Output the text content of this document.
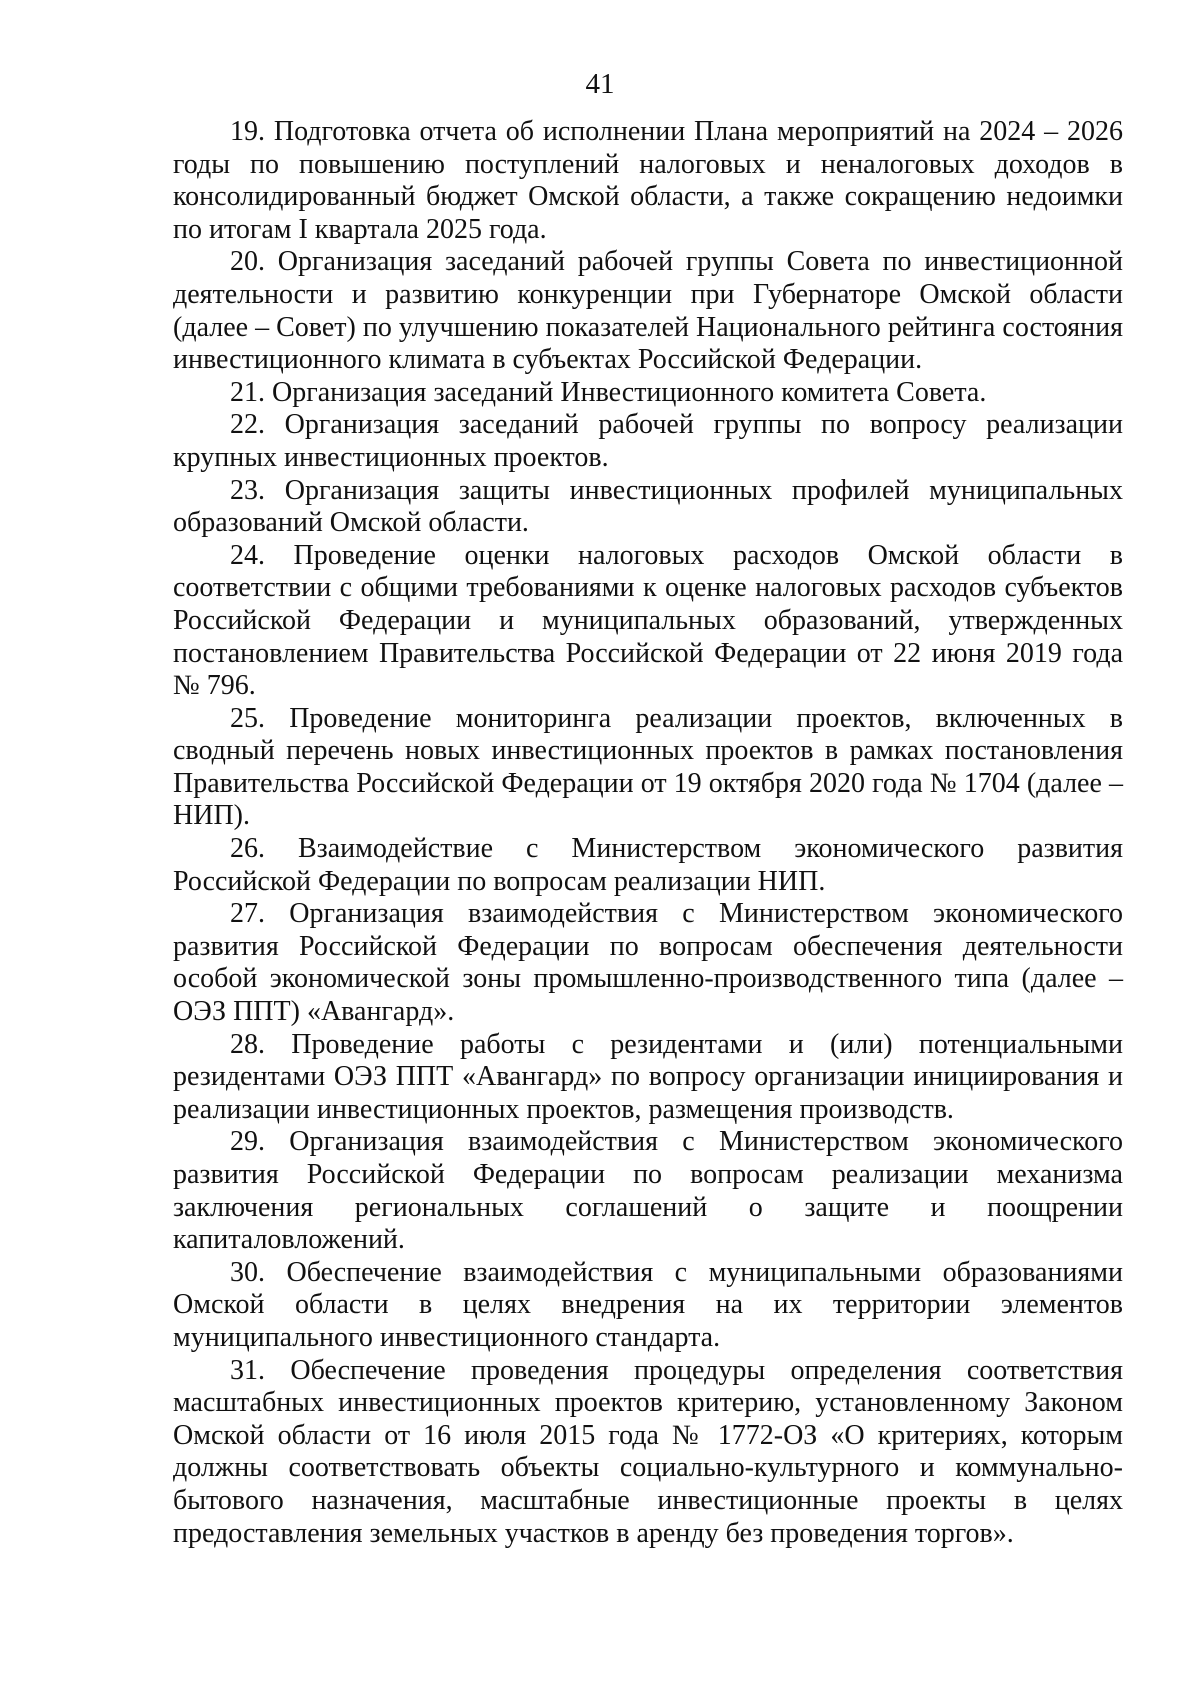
41

19. Подготовка отчета об исполнении Плана мероприятий на 2024 – 2026 годы по повышению поступлений налоговых и неналоговых доходов в консолидированный бюджет Омской области, а также сокращению недоимки по итогам I квартала 2025 года.

20. Организация заседаний рабочей группы Совета по инвестиционной деятельности и развитию конкуренции при Губернаторе Омской области (далее – Совет) по улучшению показателей Национального рейтинга состояния инвестиционного климата в субъектах Российской Федерации.

21. Организация заседаний Инвестиционного комитета Совета.

22. Организация заседаний рабочей группы по вопросу реализации крупных инвестиционных проектов.

23. Организация защиты инвестиционных профилей муниципальных образований Омской области.

24. Проведение оценки налоговых расходов Омской области в соответствии с общими требованиями к оценке налоговых расходов субъектов Российской Федерации и муниципальных образований, утвержденных постановлением Правительства Российской Федерации от 22 июня 2019 года № 796.

25. Проведение мониторинга реализации проектов, включенных в сводный перечень новых инвестиционных проектов в рамках постановления Правительства Российской Федерации от 19 октября 2020 года № 1704 (далее – НИП).

26. Взаимодействие с Министерством экономического развития Российской Федерации по вопросам реализации НИП.

27. Организация взаимодействия с Министерством экономического развития Российской Федерации по вопросам обеспечения деятельности особой экономической зоны промышленно-производственного типа (далее – ОЭЗ ППТ) «Авангард».

28. Проведение работы с резидентами и (или) потенциальными резидентами ОЭЗ ППТ «Авангард» по вопросу организации инициирования и реализации инвестиционных проектов, размещения производств.

29. Организация взаимодействия с Министерством экономического развития Российской Федерации по вопросам реализации механизма заключения региональных соглашений о защите и поощрении капиталовложений.

30. Обеспечение взаимодействия с муниципальными образованиями Омской области в целях внедрения на их территории элементов муниципального инвестиционного стандарта.

31. Обеспечение проведения процедуры определения соответствия масштабных инвестиционных проектов критерию, установленному Законом Омской области от 16 июля 2015 года № 1772-ОЗ «О критериях, которым должны соответствовать объекты социально-культурного и коммунально-бытового назначения, масштабные инвестиционные проекты в целях предоставления земельных участков в аренду без проведения торгов».
